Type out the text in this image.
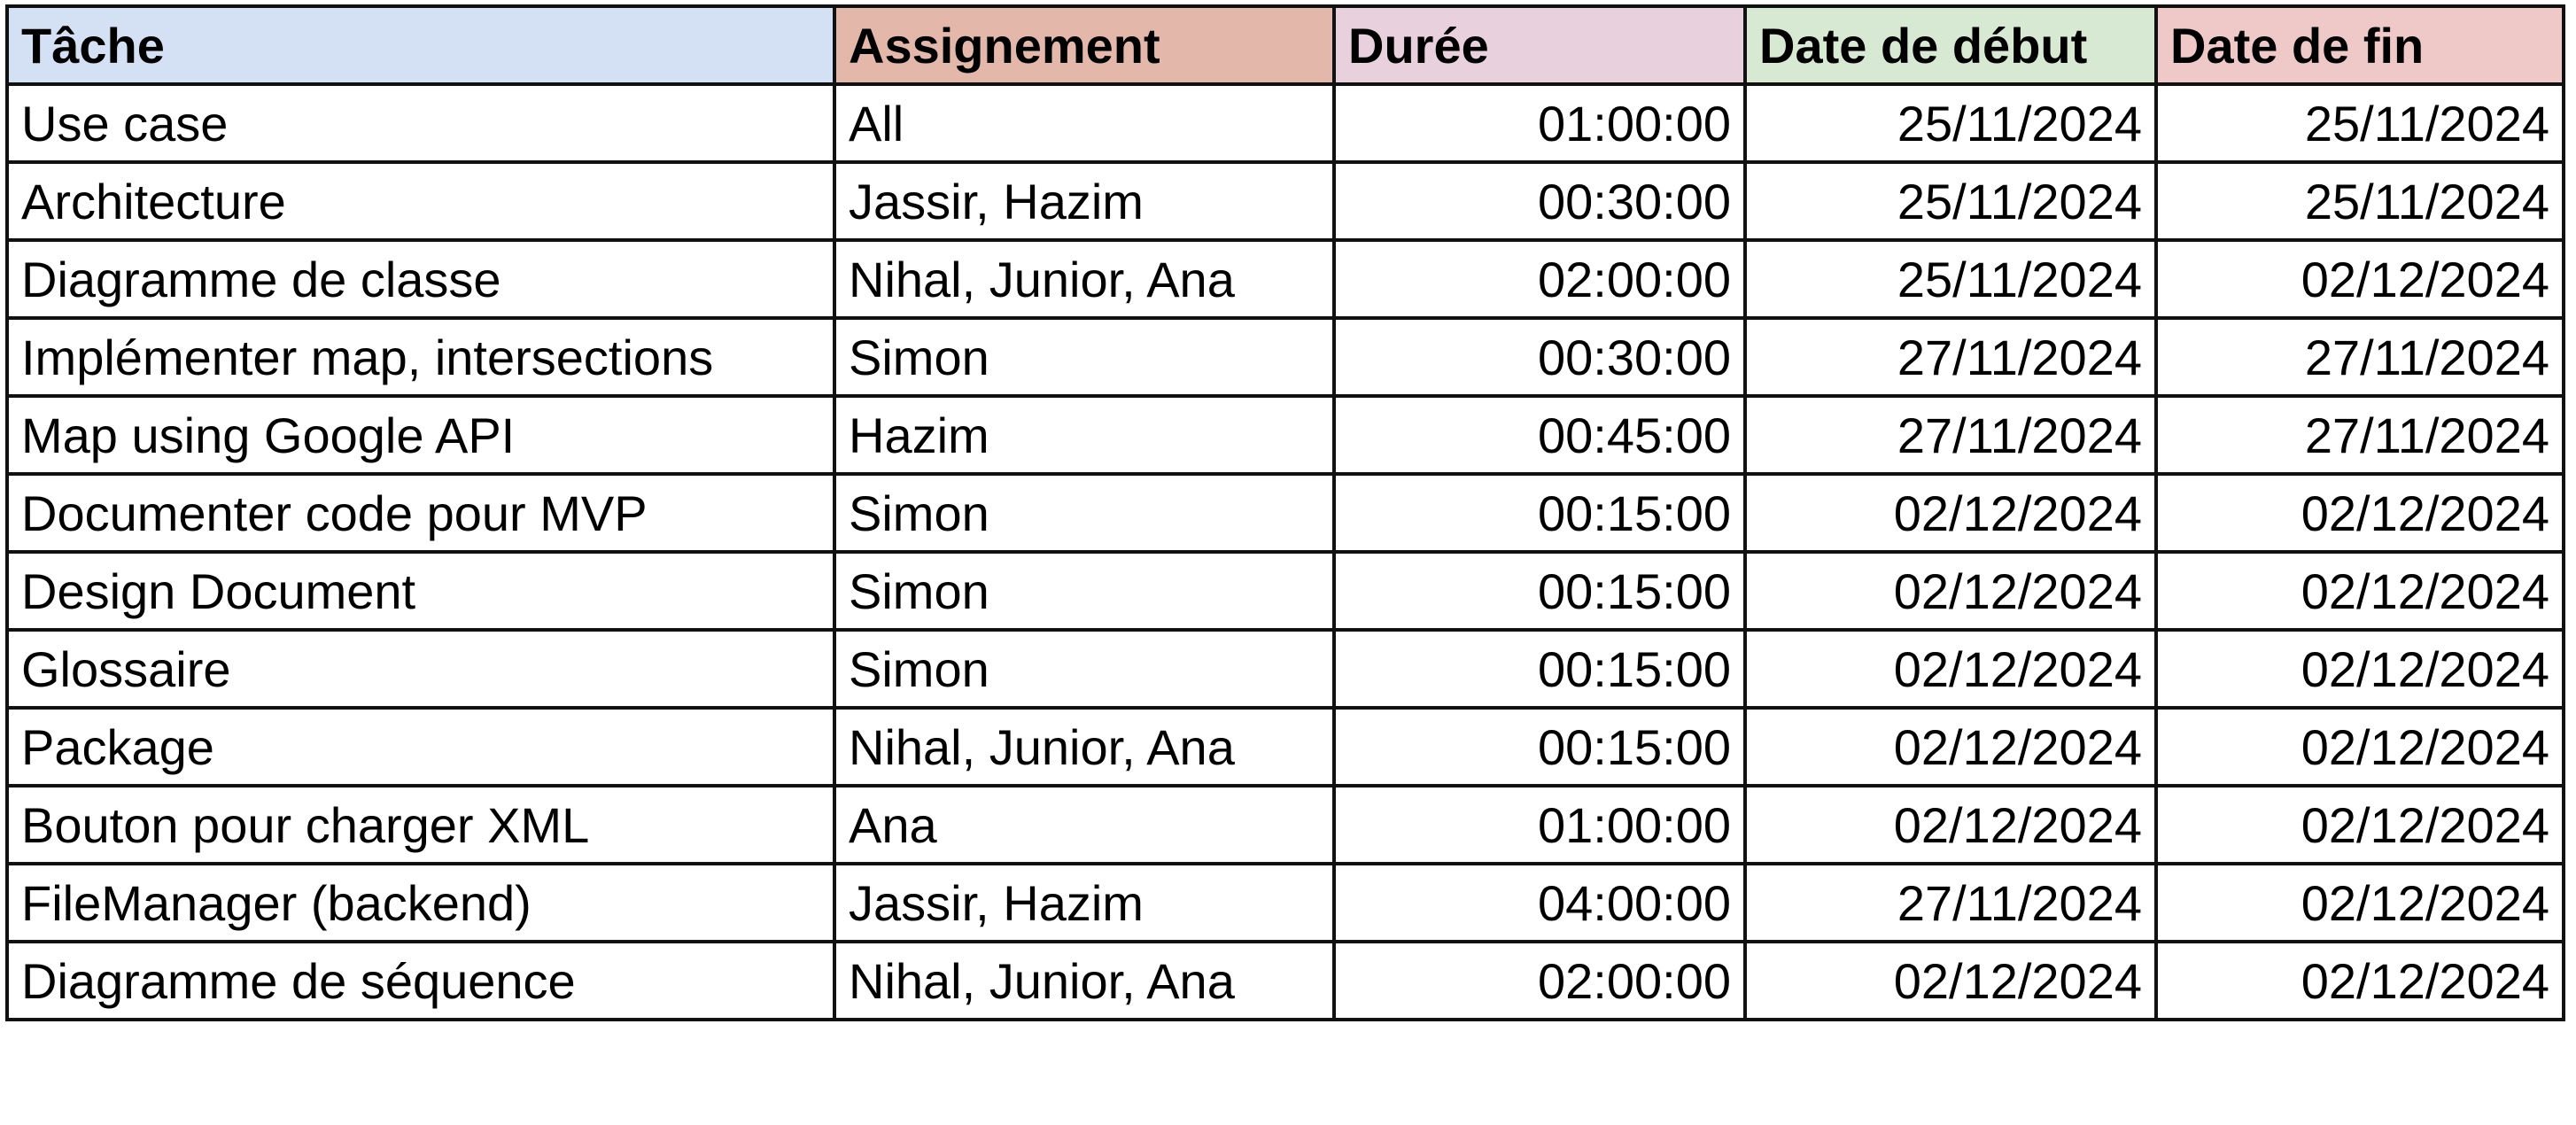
Tâche	Assignement	Durée	Date de début	Date de fin
Use case	All	01:00:00	25/11/2024	25/11/2024
Architecture	Jassir, Hazim	00:30:00	25/11/2024	25/11/2024
Diagramme de classe	Nihal, Junior, Ana	02:00:00	25/11/2024	02/12/2024
Implémenter map, intersections	Simon	00:30:00	27/11/2024	27/11/2024
Map using Google API	Hazim	00:45:00	27/11/2024	27/11/2024
Documenter code pour MVP	Simon	00:15:00	02/12/2024	02/12/2024
Design Document	Simon	00:15:00	02/12/2024	02/12/2024
Glossaire	Simon	00:15:00	02/12/2024	02/12/2024
Package	Nihal, Junior, Ana	00:15:00	02/12/2024	02/12/2024
Bouton pour charger XML	Ana	01:00:00	02/12/2024	02/12/2024
FileManager (backend)	Jassir, Hazim	04:00:00	27/11/2024	02/12/2024
Diagramme de séquence	Nihal, Junior, Ana	02:00:00	02/12/2024	02/12/2024
